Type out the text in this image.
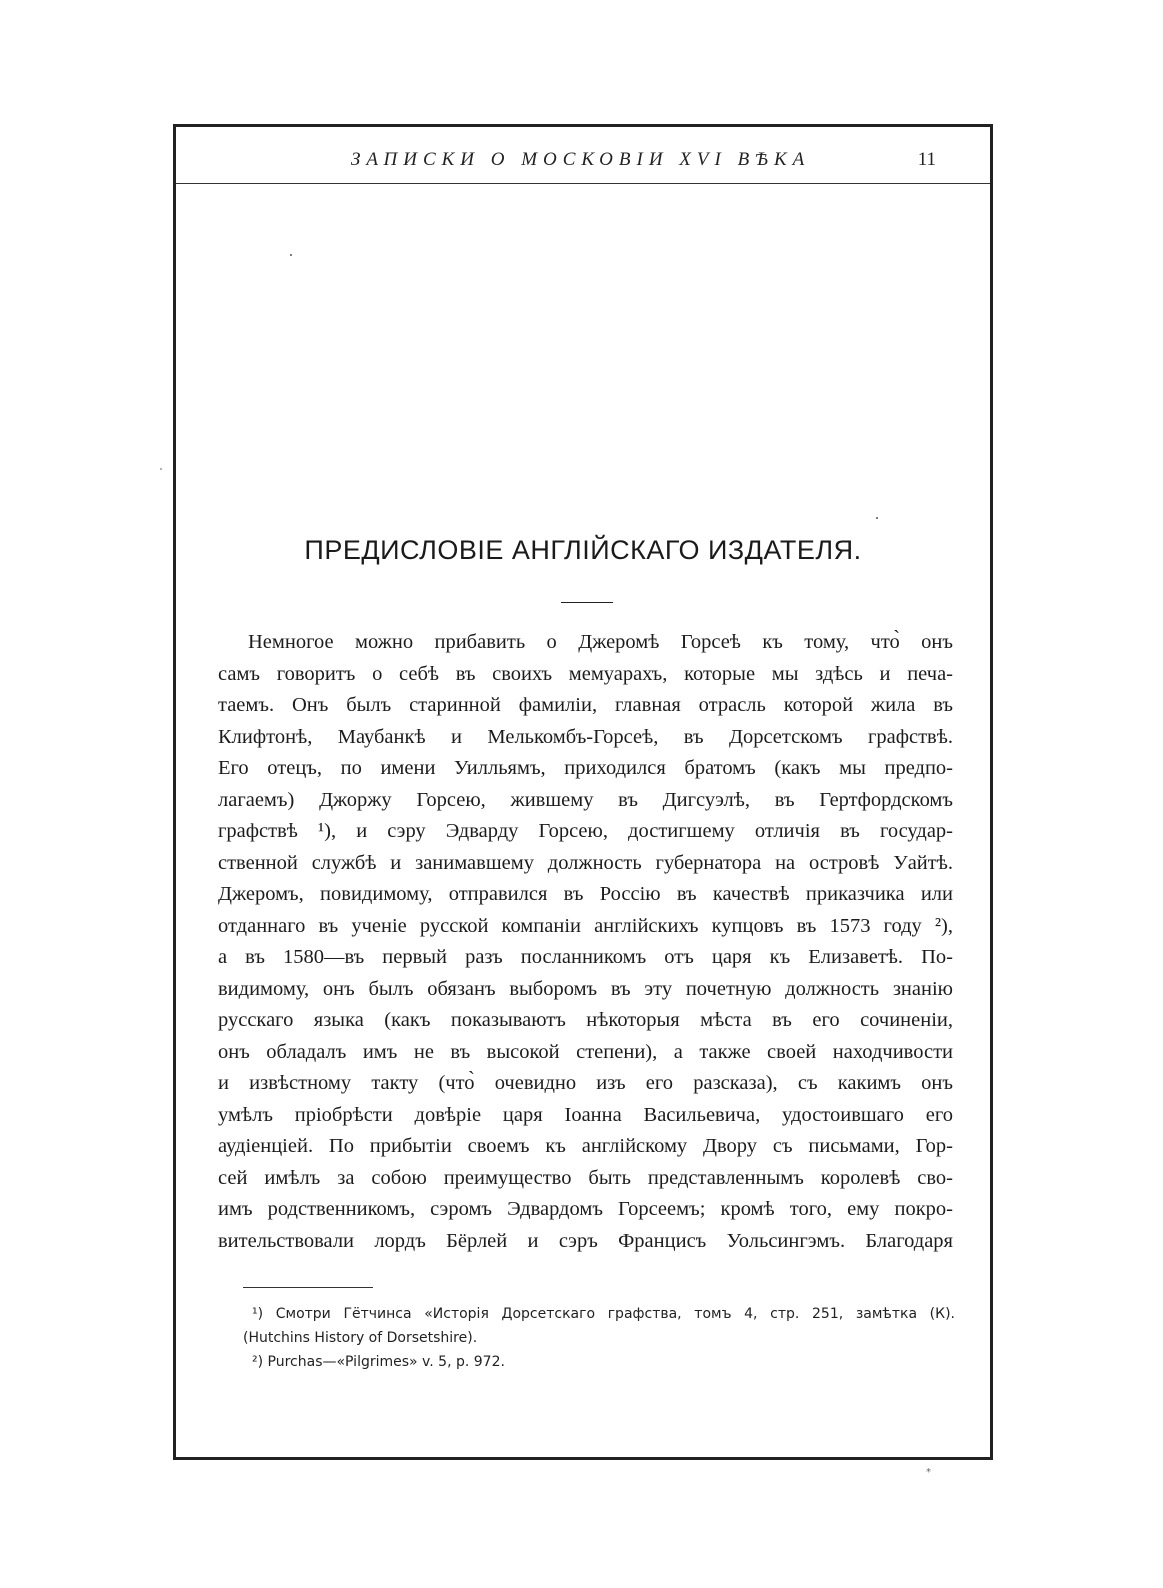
ЗАПИСКИ О МОСКОВІИ XVI ВѢКА	11
ПРЕДИСЛОВІЕ АНГЛІЙСКАГО ИЗДАТЕЛЯ.
Немногое можно прибавить о Джеромѣ Горсеѣ къ тому, что̀ онъ
самъ говоритъ о себѣ въ своихъ мемуарахъ, которые мы здѣсь и печа-
таемъ. Онъ былъ старинной фамиліи, главная отрасль которой жила въ
Клифтонѣ, Маубанкѣ и Мелькомбъ-Горсеѣ, въ Дорсетскомъ графствѣ.
Его отецъ, по имени Уилльямъ, приходился братомъ (какъ мы предпо-
лагаемъ) Джоржу Горсею, жившему въ Дигсуэлѣ, въ Гертфордскомъ
графствѣ ¹), и сэру Эдварду Горсею, достигшему отличія въ государ-
ственной службѣ и занимавшему должность губернатора на островѣ Уайтѣ.
Джеромъ, повидимому, отправился въ Россію въ качествѣ приказчика или
отданнаго въ ученіе русской компаніи англійскихъ купцовъ въ 1573 году ²),
а въ 1580—въ первый разъ посланникомъ отъ царя къ Елизаветѣ. По-
видимому, онъ былъ обязанъ выборомъ въ эту почетную должность знанію
русскаго языка (какъ показываютъ нѣкоторыя мѣста въ его сочиненіи,
онъ обладалъ имъ не въ высокой степени), а также своей находчивости
и извѣстному такту (что̀ очевидно изъ его разсказа), съ какимъ онъ
умѣлъ пріобрѣсти довѣріе царя Іоанна Васильевича, удостоившаго его
аудіенціей. По прибытіи своемъ къ англійскому Двору съ письмами, Гор-
сей имѣлъ за собою преимущество быть представленнымъ королевѣ сво-
имъ родственникомъ, сэромъ Эдвардомъ Горсеемъ; кромѣ того, ему покро-
вительствовали лордъ Бёрлей и сэръ Францисъ Уольсингэмъ. Благодаря
¹) Смотри Гётчинса «Исторія Дорсетскаго графства, томъ 4, стр. 251, замѣтка (К).
(Hutchins History of Dorsetshire).
²) Purchas—«Pilgrimes» v. 5, p. 972.
*
